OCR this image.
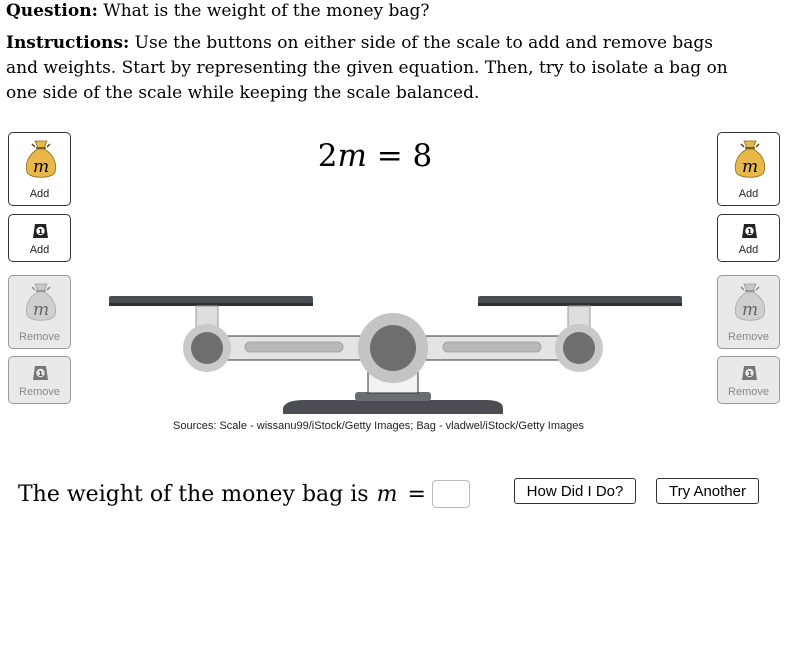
Question: What is the weight of the money bag?
Instructions: Use the buttons on either side of the scale to add and remove bags and weights. Start by representing the given equation. Then, try to isolate a bag on one side of the scale while keeping the scale balanced.
2m = 8
m
Add
1
Add
m
Remove
1
Remove
m
Add
1
Add
m
Remove
1
Remove
Sources: Scale - wissanu99/iStock/Getty Images; Bag - vladwel/iStock/Getty Images
The weight of the money bag is m =	How Did I Do?	Try Another
